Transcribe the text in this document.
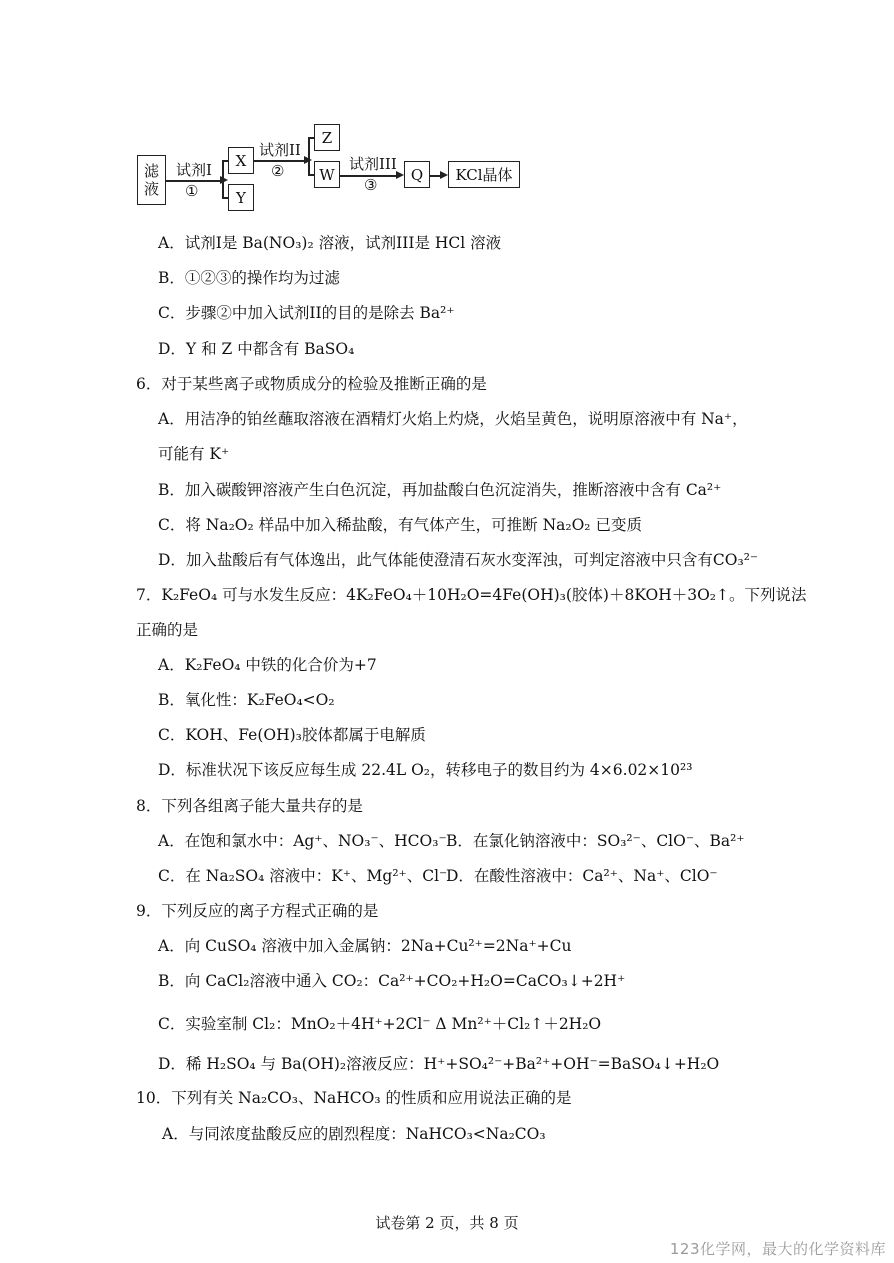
滤液
试剂I
①
X
Y
试剂II
②
Z
W
试剂III
③
Q KCl晶体
A．试剂I是 Ba(NO₃)₂ 溶液，试剂III是 HCl 溶液
B．①②③的操作均为过滤
C．步骤②中加入试剂II的目的是除去 Ba²⁺
D．Y 和 Z 中都含有 BaSO₄
6．对于某些离子或物质成分的检验及推断正确的是
A．用洁净的铂丝蘸取溶液在酒精灯火焰上灼烧，火焰呈黄色，说明原溶液中有 Na⁺，
可能有 K⁺
B．加入碳酸钾溶液产生白色沉淀，再加盐酸白色沉淀消失，推断溶液中含有 Ca²⁺
C．将 Na₂O₂ 样品中加入稀盐酸，有气体产生，可推断 Na₂O₂ 已变质
D．加入盐酸后有气体逸出，此气体能使澄清石灰水变浑浊，可判定溶液中只含有CO₃²⁻
7．K₂FeO₄ 可与水发生反应：4K₂FeO₄＋10H₂O=4Fe(OH)₃(胶体)＋8KOH＋3O₂↑。下列说法
正确的是
A．K₂FeO₄ 中铁的化合价为+7
B．氧化性：K₂FeO₄<O₂
C．KOH、Fe(OH)₃胶体都属于电解质
D．标准状况下该反应每生成 22.4L O₂，转移电子的数目约为 4×6.02×10²³
8．下列各组离子能大量共存的是
A．在饱和氯水中：Ag⁺、NO₃⁻、HCO₃⁻ B．在氯化钠溶液中：SO₃²⁻、ClO⁻、Ba²⁺
C．在 Na₂SO₄ 溶液中：K⁺、Mg²⁺、Cl⁻
D．在酸性溶液中：Ca²⁺、Na⁺、ClO⁻
9．下列反应的离子方程式正确的是
A．向 CuSO₄ 溶液中加入金属钠：2Na+Cu²⁺=2Na⁺+Cu
B．向 CaCl₂溶液中通入 CO₂：Ca²⁺+CO₂+H₂O=CaCO₃↓+2H⁺
C．实验室制 Cl₂：MnO₂＋4H⁺+2Cl⁻ Δ Mn²⁺＋Cl₂↑＋2H₂O
D．稀 H₂SO₄ 与 Ba(OH)₂溶液反应：H⁺+SO₄²⁻+Ba²⁺+OH⁻=BaSO₄↓+H₂O
10．下列有关 Na₂CO₃、NaHCO₃ 的性质和应用说法正确的是
A．与同浓度盐酸反应的剧烈程度：NaHCO₃<Na₂CO₃
试卷第 2 页，共 8 页
123化学网，最大的化学资料库
